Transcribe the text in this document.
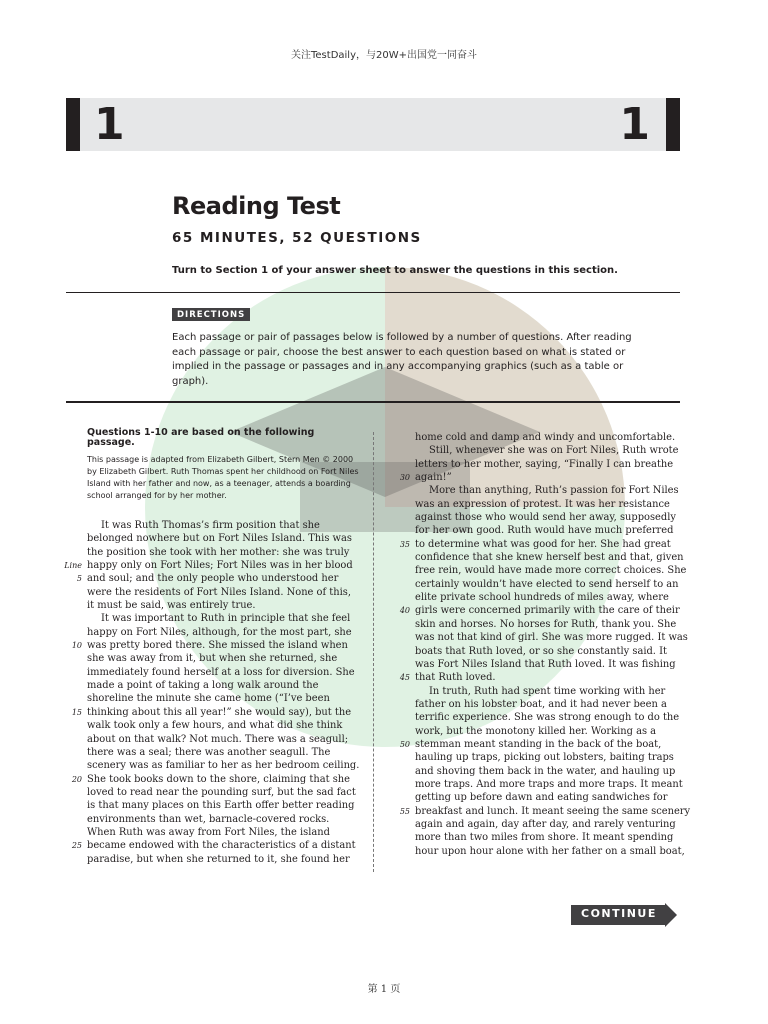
关注TestDaily，与20W+出国党一同奋斗
1	1
Reading Test
65 MINUTES, 52 QUESTIONS
Turn to Section 1 of your answer sheet to answer the questions in this section.
DIRECTIONS
Each passage or pair of passages below is followed by a number of questions. After reading each passage or pair, choose the best answer to each question based on what is stated or implied in the passage or passages and in any accompanying graphics (such as a table or graph).
Questions 1-10 are based on the following passage.
This passage is adapted from Elizabeth Gilbert, Stern Men © 2000 by Elizabeth Gilbert. Ruth Thomas spent her childhood on Fort Niles Island with her father and now, as a teenager, attends a boarding school arranged for by her mother.
It was Ruth Thomas’s firm position that she
belonged nowhere but on Fort Niles Island. This was
the position she took with her mother: she was truly
Line happy only on Fort Niles; Fort Niles was in her blood
5 and soul; and the only people who understood her
were the residents of Fort Niles Island. None of this,
it must be said, was entirely true.
It was important to Ruth in principle that she feel
happy on Fort Niles, although, for the most part, she
10 was pretty bored there. She missed the island when
she was away from it, but when she returned, she
immediately found herself at a loss for diversion. She
made a point of taking a long walk around the
shoreline the minute she came home (“I’ve been
15 thinking about this all year!” she would say), but the
walk took only a few hours, and what did she think
about on that walk? Not much. There was a seagull;
there was a seal; there was another seagull. The
scenery was as familiar to her as her bedroom ceiling.
20 She took books down to the shore, claiming that she
loved to read near the pounding surf, but the sad fact
is that many places on this Earth offer better reading
environments than wet, barnacle-covered rocks.
When Ruth was away from Fort Niles, the island
25 became endowed with the characteristics of a distant
paradise, but when she returned to it, she found her
home cold and damp and windy and uncomfortable.
Still, whenever she was on Fort Niles, Ruth wrote
letters to her mother, saying, “Finally I can breathe
30 again!”
More than anything, Ruth’s passion for Fort Niles
was an expression of protest. It was her resistance
against those who would send her away, supposedly
for her own good. Ruth would have much preferred
35 to determine what was good for her. She had great
confidence that she knew herself best and that, given
free rein, would have made more correct choices. She
certainly wouldn’t have elected to send herself to an
elite private school hundreds of miles away, where
40 girls were concerned primarily with the care of their
skin and horses. No horses for Ruth, thank you. She
was not that kind of girl. She was more rugged. It was
boats that Ruth loved, or so she constantly said. It
was Fort Niles Island that Ruth loved. It was fishing
45 that Ruth loved.
In truth, Ruth had spent time working with her
father on his lobster boat, and it had never been a
terrific experience. She was strong enough to do the
work, but the monotony killed her. Working as a
50 stemman meant standing in the back of the boat,
hauling up traps, picking out lobsters, baiting traps
and shoving them back in the water, and hauling up
more traps. And more traps and more traps. It meant
getting up before dawn and eating sandwiches for
55 breakfast and lunch. It meant seeing the same scenery
again and again, day after day, and rarely venturing
more than two miles from shore. It meant spending
hour upon hour alone with her father on a small boat,
CONTINUE
第 1 页
